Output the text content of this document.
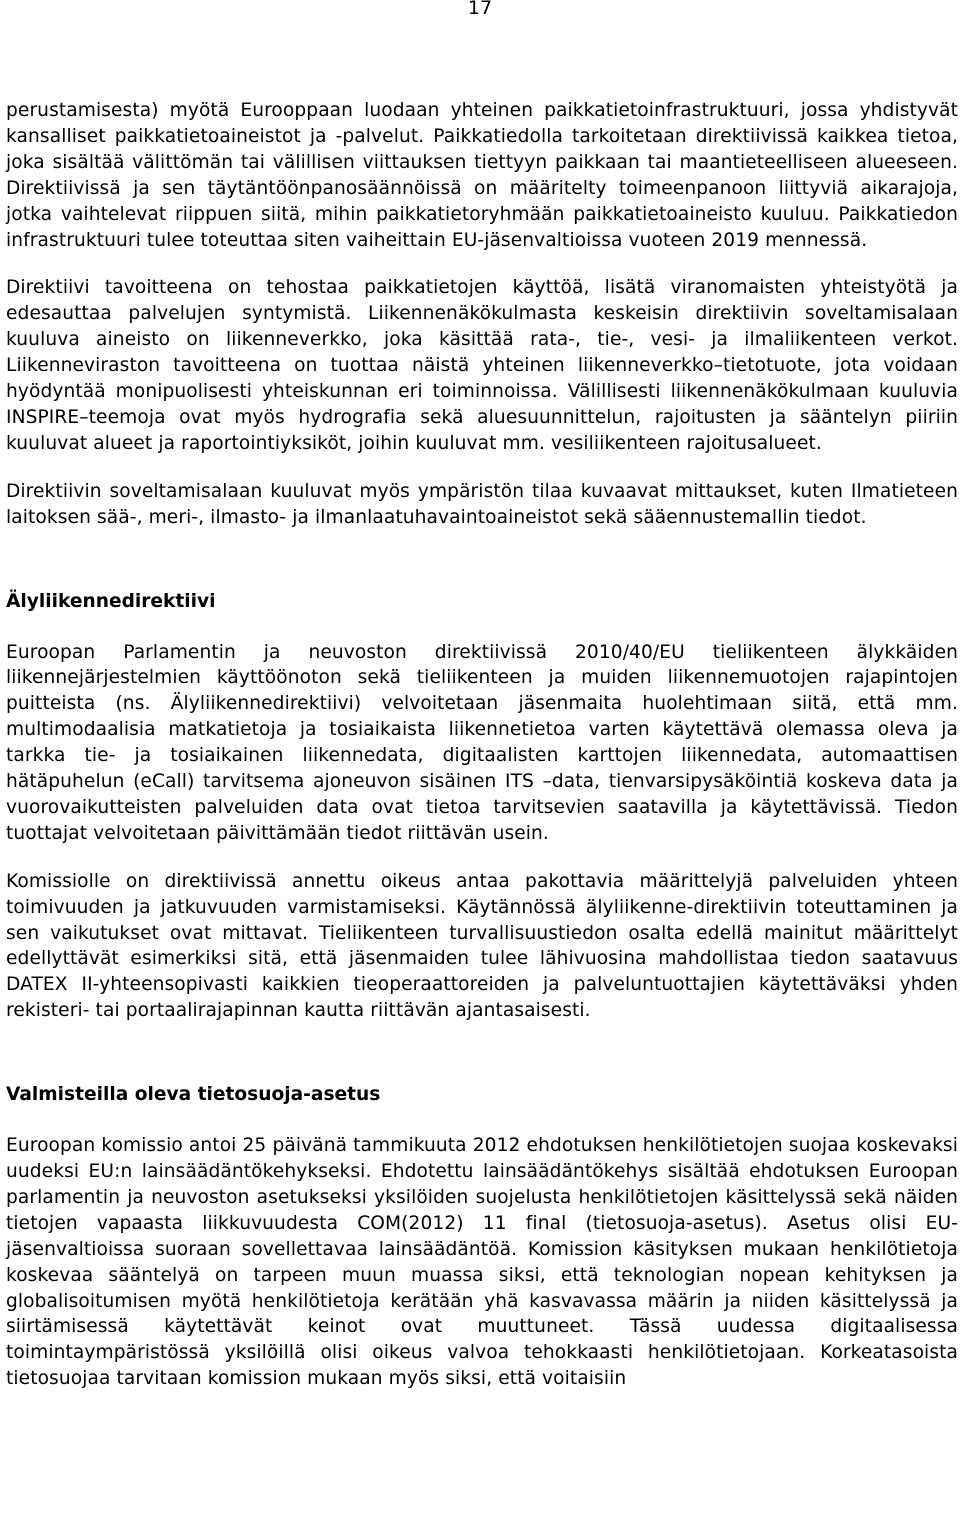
17

perustamisesta) myötä Eurooppaan luodaan yhteinen paikkatietoinfrastruktuuri, jossa yhdistyvät kansalliset paikkatietoaineistot ja -palvelut. Paikkatiedolla tarkoitetaan direktiivissä kaikkea tietoa, joka sisältää välittömän tai välillisen viittauksen tiettyyn paikkaan tai maantieteelliseen alueeseen. Direktiivissä ja sen täytäntöönpanosäännöissä on määritelty toimeenpanoon liittyviä aikarajoja, jotka vaihtelevat riippuen siitä, mihin paikkatietoryhmään paikkatietoaineisto kuuluu. Paikkatiedon infrastruktuuri tulee toteuttaa siten vaiheittain EU-jäsenvaltioissa vuoteen 2019 mennessä.

Direktiivi tavoitteena on tehostaa paikkatietojen käyttöä, lisätä viranomaisten yhteistyötä ja edesauttaa palvelujen syntymistä. Liikennenäkökulmasta keskeisin direktiivin soveltamisalaan kuuluva aineisto on liikenneverkko, joka käsittää rata-, tie-, vesi- ja ilmaliikenteen verkot. Liikenneviraston tavoitteena on tuottaa näistä yhteinen liikenneverkko–tietotuote, jota voidaan hyödyntää monipuolisesti yhteiskunnan eri toiminnoissa. Välillisesti liikennenäkökulmaan kuuluvia INSPIRE–teemoja ovat myös hydrografia sekä aluesuunnittelun, rajoitusten ja sääntelyn piiriin kuuluvat alueet ja raportointiyksiköt, joihin kuuluvat mm. vesiliikenteen rajoitusalueet.

Direktiivin soveltamisalaan kuuluvat myös ympäristön tilaa kuvaavat mittaukset, kuten Ilmatieteen laitoksen sää-, meri-, ilmasto- ja ilmanlaatuhavaintoaineistot sekä sääennustemallin tiedot.

Älyliikennedirektiivi

Euroopan Parlamentin ja neuvoston direktiivissä 2010/40/EU tieliikenteen älykkäiden liikennejärjestelmien käyttöönoton sekä tieliikenteen ja muiden liikennemuotojen rajapintojen puitteista (ns. Älyliikennedirektiivi) velvoitetaan jäsenmaita huolehtimaan siitä, että mm. multimodaalisia matkatietoja ja tosiaikaista liikennetietoa varten käytettävä olemassa oleva ja tarkka tie- ja tosiaikainen liikennedata, digitaalisten karttojen liikennedata, automaattisen hätäpuhelun (eCall) tarvitsema ajoneuvon sisäinen ITS –data, tienvarsipysäköintiä koskeva data ja vuorovaikutteisten palveluiden data ovat tietoa tarvitsevien saatavilla ja käytettävissä. Tiedon tuottajat velvoitetaan päivittämään tiedot riittävän usein.

Komissiolle on direktiivissä annettu oikeus antaa pakottavia määrittelyjä palveluiden yhteen toimivuuden ja jatkuvuuden varmistamiseksi. Käytännössä älyliikenne-direktiivin toteuttaminen ja sen vaikutukset ovat mittavat. Tieliikenteen turvallisuustiedon osalta edellä mainitut määrittelyt edellyttävät esimerkiksi sitä, että jäsenmaiden tulee lähivuosina mahdollistaa tiedon saatavuus DATEX II-yhteensopivasti kaikkien tieoperaattoreiden ja palveluntuottajien käytettäväksi yhden rekisteri- tai portaalirajapinnan kautta riittävän ajantasaisesti.

Valmisteilla oleva tietosuoja-asetus

Euroopan komissio antoi 25 päivänä tammikuuta 2012 ehdotuksen henkilötietojen suojaa koskevaksi uudeksi EU:n lainsäädäntökehykseksi. Ehdotettu lainsäädäntökehys sisältää ehdotuksen Euroopan parlamentin ja neuvoston asetukseksi yksilöiden suojelusta henkilötietojen käsittelyssä sekä näiden tietojen vapaasta liikkuvuudesta COM(2012) 11 final (tietosuoja-asetus). Asetus olisi EU-jäsenvaltioissa suoraan sovellettavaa lainsäädäntöä. Komission käsityksen mukaan henkilötietoja koskevaa sääntelyä on tarpeen muun muassa siksi, että teknologian nopean kehityksen ja globalisoitumisen myötä henkilötietoja kerätään yhä kasvavassa määrin ja niiden käsittelyssä ja siirtämisessä käytettävät keinot ovat muuttuneet. Tässä uudessa digitaalisessa toimintaympäristössä yksilöillä olisi oikeus valvoa tehokkaasti henkilötietojaan. Korkeatasoista tietosuojaa tarvitaan komission mukaan myös siksi, että voitaisiin
